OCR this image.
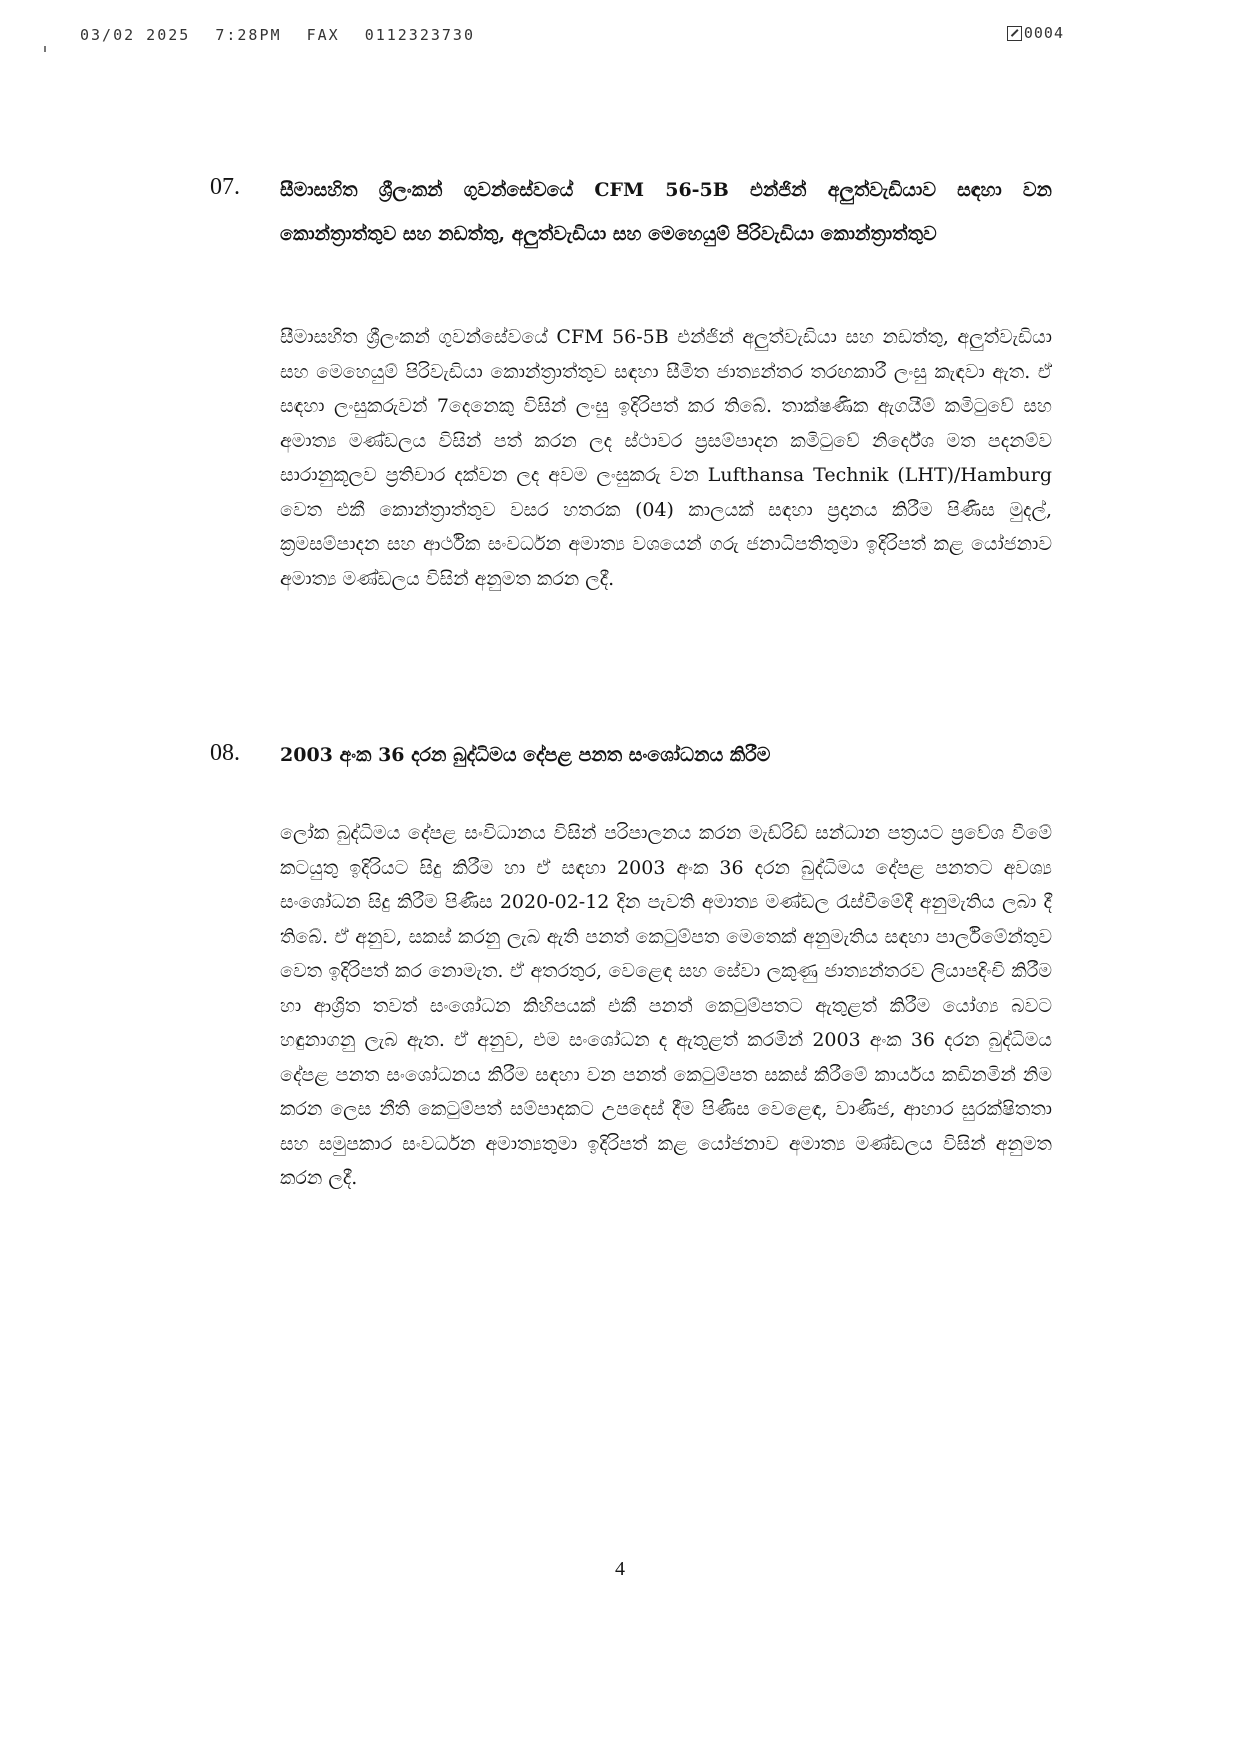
03/02 2025 7:28PM FAX 0112323730	0004
07. සීමාසහිත ශ්‍රීලංකන් ගුවන්සේවයේ CFM 56-5B එන්ජින් අලුත්වැඩියාව සඳහා වන කොන්ත්‍රාත්තුව සහ නඩත්තු, අලුත්වැඩියා සහ මෙහෙයුම් පිරිවැඩියා කොන්ත්‍රාත්තුව
සීමාසහිත ශ්‍රීලංකන් ගුවන්සේවයේ CFM 56-5B එන්ජින් අලුත්වැඩියා සහ නඩත්තු, අලුත්වැඩියා සහ මෙහෙයුම් පිරිවැඩියා කොන්ත්‍රාත්තුව සඳහා සීමිත ජාත්‍යන්තර තරඟකාරී ලංසු කැඳවා ඇත. ඒ සඳහා ලංසුකරුවන් 7දෙනෙකු විසින් ලංසු ඉදිරිපත් කර තිබේ. තාක්ෂණික ඇගයීම් කමිටුවේ සහ අමාත්‍ය මණ්ඩලය විසින් පත් කරන ලද ස්ථාවර ප්‍රසම්පාදන කමිටුවේ නිර්දේශ මත පදනම්ව සාරානුකූලව ප්‍රතිචාර දක්වන ලද අවම ලංසුකරු වන Lufthansa Technik (LHT)/Hamburg වෙත එකී කොන්ත්‍රාත්තුව වසර හතරක (04) කාලයක් සඳහා ප්‍රදානය කිරීම පිණිස මුදල්, ක්‍රමසම්පාදන සහ ආර්ථික සංවර්ධන අමාත්‍ය වශයෙන් ගරු ජනාධිපතිතුමා ඉදිරිපත් කළ යෝජනාව අමාත්‍ය මණ්ඩලය විසින් අනුමත කරන ලදී.
08. 2003 අංක 36 දරන බුද්ධිමය දේපළ පනත සංශෝධනය කිරීම
ලෝක බුද්ධිමය දේපළ සංවිධානය විසින් පරිපාලනය කරන මැඩ්රිඩ් සන්ධාන පත්‍රයට ප්‍රවේශ වීමේ කටයුතු ඉදිරියට සිදු කිරීම හා ඒ සඳහා 2003 අංක 36 දරන බුද්ධිමය දේපළ පනතට අවශ්‍ය සංශෝධන සිදු කිරීම පිණිස 2020-02-12 දින පැවති අමාත්‍ය මණ්ඩල රැස්වීමේදී අනුමැතිය ලබා දී තිබේ. ඒ අනුව, සකස් කරනු ලැබ ඇති පනත් කෙටුම්පත මෙතෙක් අනුමැතිය සඳහා පාර්ලිමේන්තුව වෙත ඉදිරිපත් කර නොමැත. ඒ අතරතුර, වෙළෙඳ සහ සේවා ලකුණු ජාත්‍යන්තරව ලියාපදිංචි කිරීම හා ආශ්‍රිත තවත් සංශෝධන කිහිපයක් එකී පනත් කෙටුම්පතට ඇතුළත් කිරීම යෝග්‍ය බවට හඳුනාගනු ලැබ ඇත. ඒ අනුව, එම සංශෝධන ද ඇතුළත් කරමින් 2003 අංක 36 දරන බුද්ධිමය දේපළ පනත සංශෝධනය කිරීම සඳහා වන පනත් කෙටුම්පත සකස් කිරීමේ කාර්යය කඩිනමින් නිම කරන ලෙස නීති කෙටුම්පත් සම්පාදකට උපදෙස් දීම පිණිස වෙළෙඳ, වාණිජ, ආහාර සුරක්ෂිතතා සහ සමුපකාර සංවර්ධන අමාත්‍යතුමා ඉදිරිපත් කළ යෝජනාව අමාත්‍ය මණ්ඩලය විසින් අනුමත කරන ලදී.
4
